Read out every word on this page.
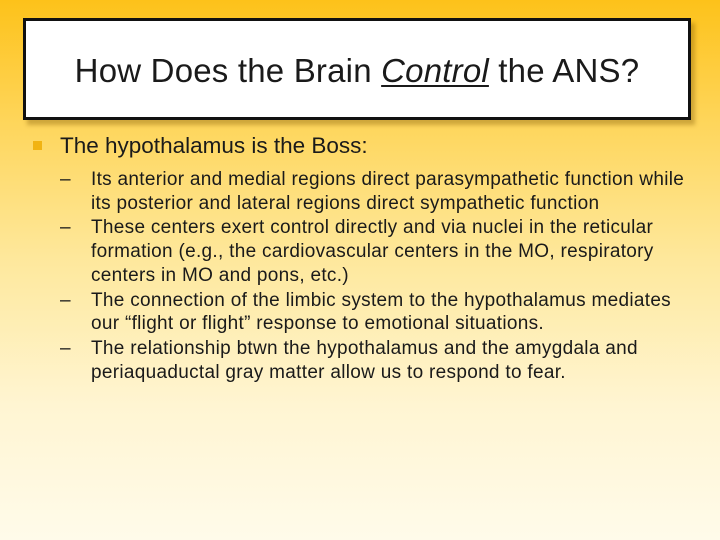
How Does the Brain Control the ANS?
The hypothalamus is the Boss:
– Its anterior and medial regions direct parasympathetic function while its posterior and lateral regions direct sympathetic function
– These centers exert control directly and via nuclei in the reticular formation (e.g., the cardiovascular centers in the MO, respiratory centers in MO and pons, etc.)
– The connection of the limbic system to the hypothalamus mediates our “flight or flight” response to emotional situations.
– The relationship btwn the hypothalamus and the amygdala and periaquaductal gray matter allow us to respond to fear.
